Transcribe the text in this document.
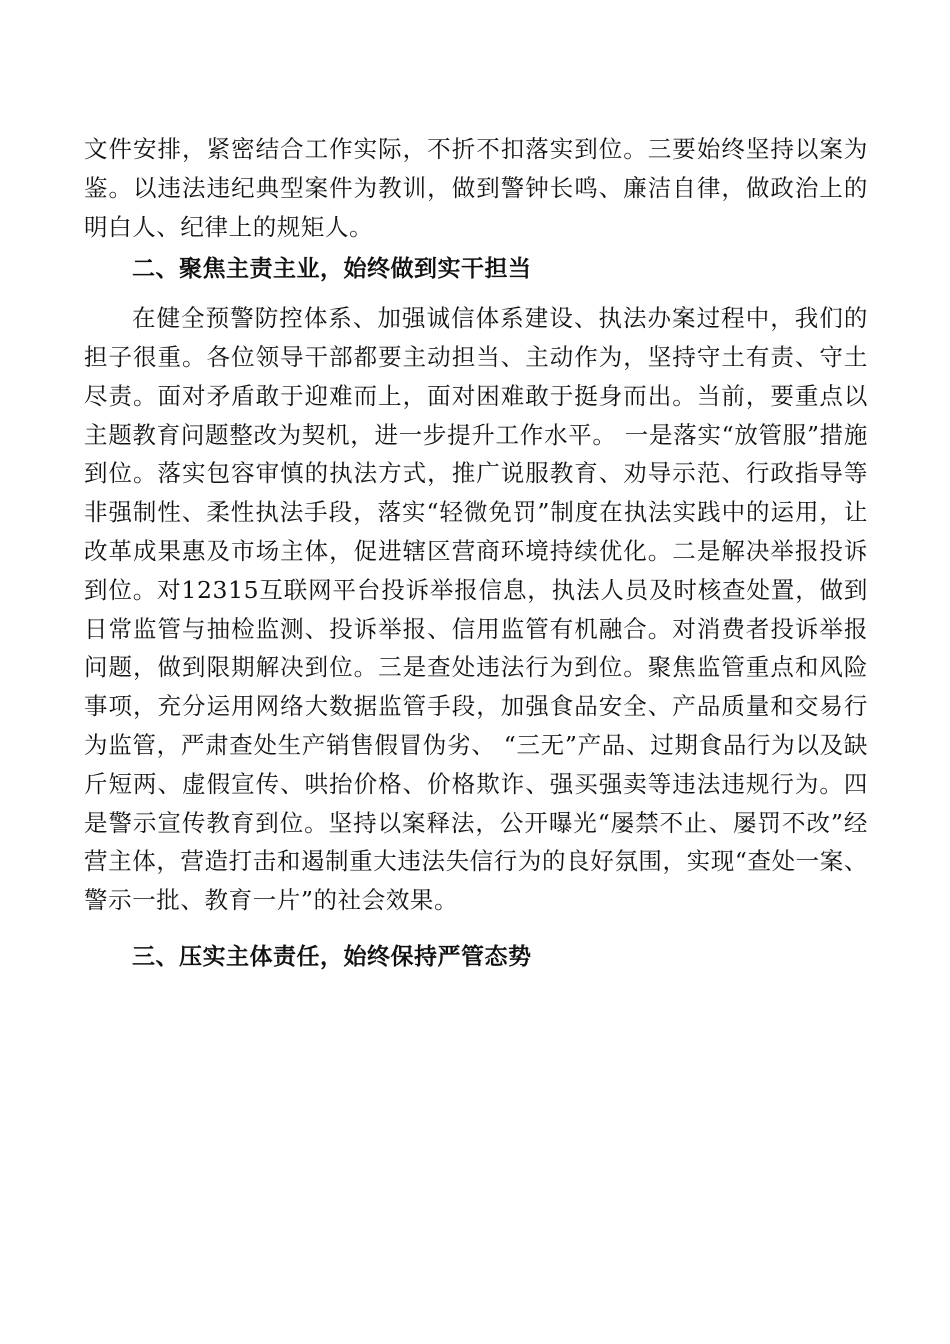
文件安排，紧密结合工作实际，不折不扣落实到位。三要始终坚持以案为鉴。以违法违纪典型案件为教训，做到警钟长鸣、廉洁自律，做政治上的明白人、纪律上的规矩人。

二、聚焦主责主业，始终做到实干担当

在健全预警防控体系、加强诚信体系建设、执法办案过程中，我们的担子很重。各位领导干部都要主动担当、主动作为，坚持守土有责、守土尽责。面对矛盾敢于迎难而上，面对困难敢于挺身而出。当前，要重点以主题教育问题整改为契机，进一步提升工作水平。 一是落实“放管服”措施到位。落实包容审慎的执法方式，推广说服教育、劝导示范、行政指导等非强制性、柔性执法手段，落实“轻微免罚”制度在执法实践中的运用，让改革成果惠及市场主体，促进辖区营商环境持续优化。二是解决举报投诉到位。对12315互联网平台投诉举报信息，执法人员及时核查处置，做到日常监管与抽检监测、投诉举报、信用监管有机融合。对消费者投诉举报问题，做到限期解决到位。三是查处违法行为到位。聚焦监管重点和风险事项，充分运用网络大数据监管手段，加强食品安全、产品质量和交易行为监管，严肃查处生产销售假冒伪劣、 “三无”产品、过期食品行为以及缺斤短两、虚假宣传、哄抬价格、价格欺诈、强买强卖等违法违规行为。四是警示宣传教育到位。坚持以案释法，公开曝光“屡禁不止、屡罚不改”经营主体，营造打击和遏制重大违法失信行为的良好氛围，实现“查处一案、警示一批、教育一片”的社会效果。

三、压实主体责任，始终保持严管态势
